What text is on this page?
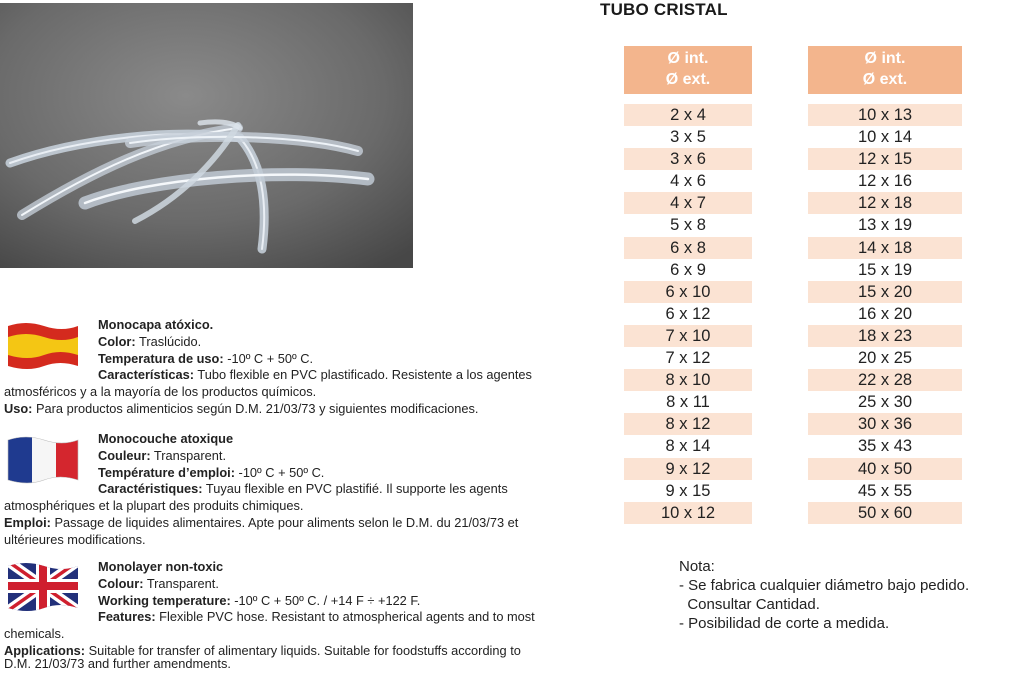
TUBO CRISTAL
Ø int.
Ø ext.
2 x 4
3 x 5
3 x 6
4 x 6
4 x 7
5 x 8
6 x 8
6 x 9
6 x 10
6 x 12
7 x 10
7 x 12
8 x 10
8 x 11
8 x 12
8 x 14
9 x 12
9 x 15
10 x 12
Ø int.
Ø ext.
10 x 13
10 x 14
12 x 15
12 x 16
12 x 18
13 x 19
14 x 18
15 x 19
15 x 20
16 x 20
18 x 23
20 x 25
22 x 28
25 x 30
30 x 36
35 x 43
40 x 50
45 x 55
50 x 60
Monocapa atóxico.
Color: Traslúcido.
Temperatura de uso: -10º C + 50º C.
Características: Tubo flexible en PVC plastificado. Resistente a los agentes
atmosféricos y a la mayoría de los productos químicos.
Uso: Para productos alimenticios según D.M. 21/03/73 y siguientes modificaciones.
Monocouche atoxique
Couleur: Transparent.
Température d’emploi: -10º C + 50º C.
Caractéristiques: Tuyau flexible en PVC plastifié. Il supporte les agents
atmosphériques et la plupart des produits chimiques.
Emploi: Passage de liquides alimentaires. Apte pour aliments selon le D.M. du 21/03/73 et
ultérieures modifications.
Monolayer non-toxic
Colour: Transparent.
Working temperature: -10º C + 50º C. / +14 F ÷ +122 F.
Features: Flexible PVC hose. Resistant to atmospherical agents and to most
chemicals.
Applications: Suitable for transfer of alimentary liquids. Suitable for foodstuffs according to
D.M. 21/03/73 and further amendments.
Nota:
- Se fabrica cualquier diámetro bajo pedido.
Consultar Cantidad.
- Posibilidad de corte a medida.
